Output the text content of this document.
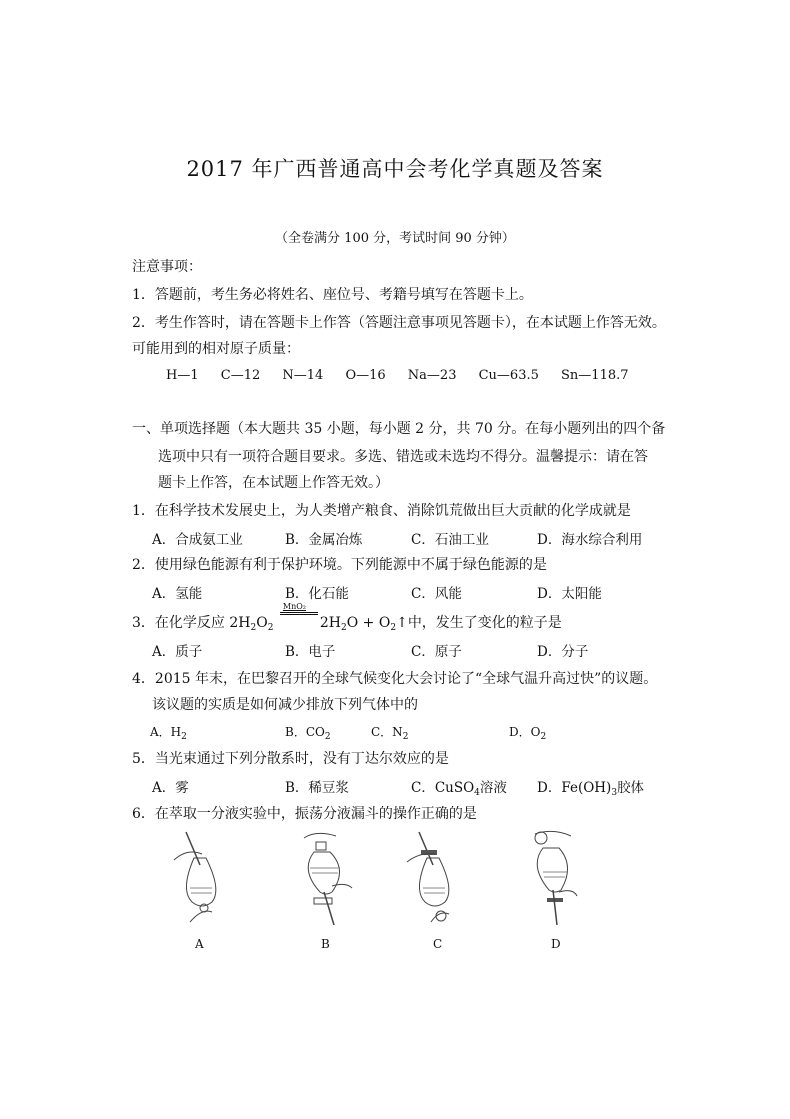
2017 年广西普通高中会考化学真题及答案
（全卷满分 100 分，考试时间 90 分钟）
注意事项：
1．答题前，考生务必将姓名、座位号、考籍号填写在答题卡上。
2．考生作答时，请在答题卡上作答（答题注意事项见答题卡），在本试题上作答无效。
可能用到的相对原子质量：
H—1 C—12 N—14 O—16 Na—23 Cu—63.5 Sn—118.7
一、单项选择题（本大题共 35 小题，每小题 2 分，共 70 分。在每小题列出的四个备
选项中只有一项符合题目要求。多选、错选或未选均不得分。温馨提示：请在答
题卡上作答，在本试题上作答无效。）
1．在科学技术发展史上，为人类增产粮食、消除饥荒做出巨大贡献的化学成就是
A．合成氨工业	B．金属冶炼	C．石油工业	D．海水综合利用
2．使用绿色能源有利于保护环境。下列能源中不属于绿色能源的是
A．氢能	B．化石能	C．风能	D．太阳能
3．在化学反应 $2H_2O_2$
MnO₂
$2H_2O$ + $O_2↑$中，发生了变化的粒子是
A．质子	B．电子	C．原子	D．分子
4．2015 年末，在巴黎召开的全球气候变化大会讨论了“全球气温升高过快”的议题。
该议题的实质是如何减少排放下列气体中的
A．$H_2$	B．$CO_2$	C．$N_2$	D．$O_2$
5．当光束通过下列分散系时，没有丁达尔效应的是
A．雾	B．稀豆浆	C．CuSO$_4$溶液 D．$Fe(OH)_3$胶体
6．在萃取一分液实验中，振荡分液漏斗的操作正确的是
A	B	C	D
